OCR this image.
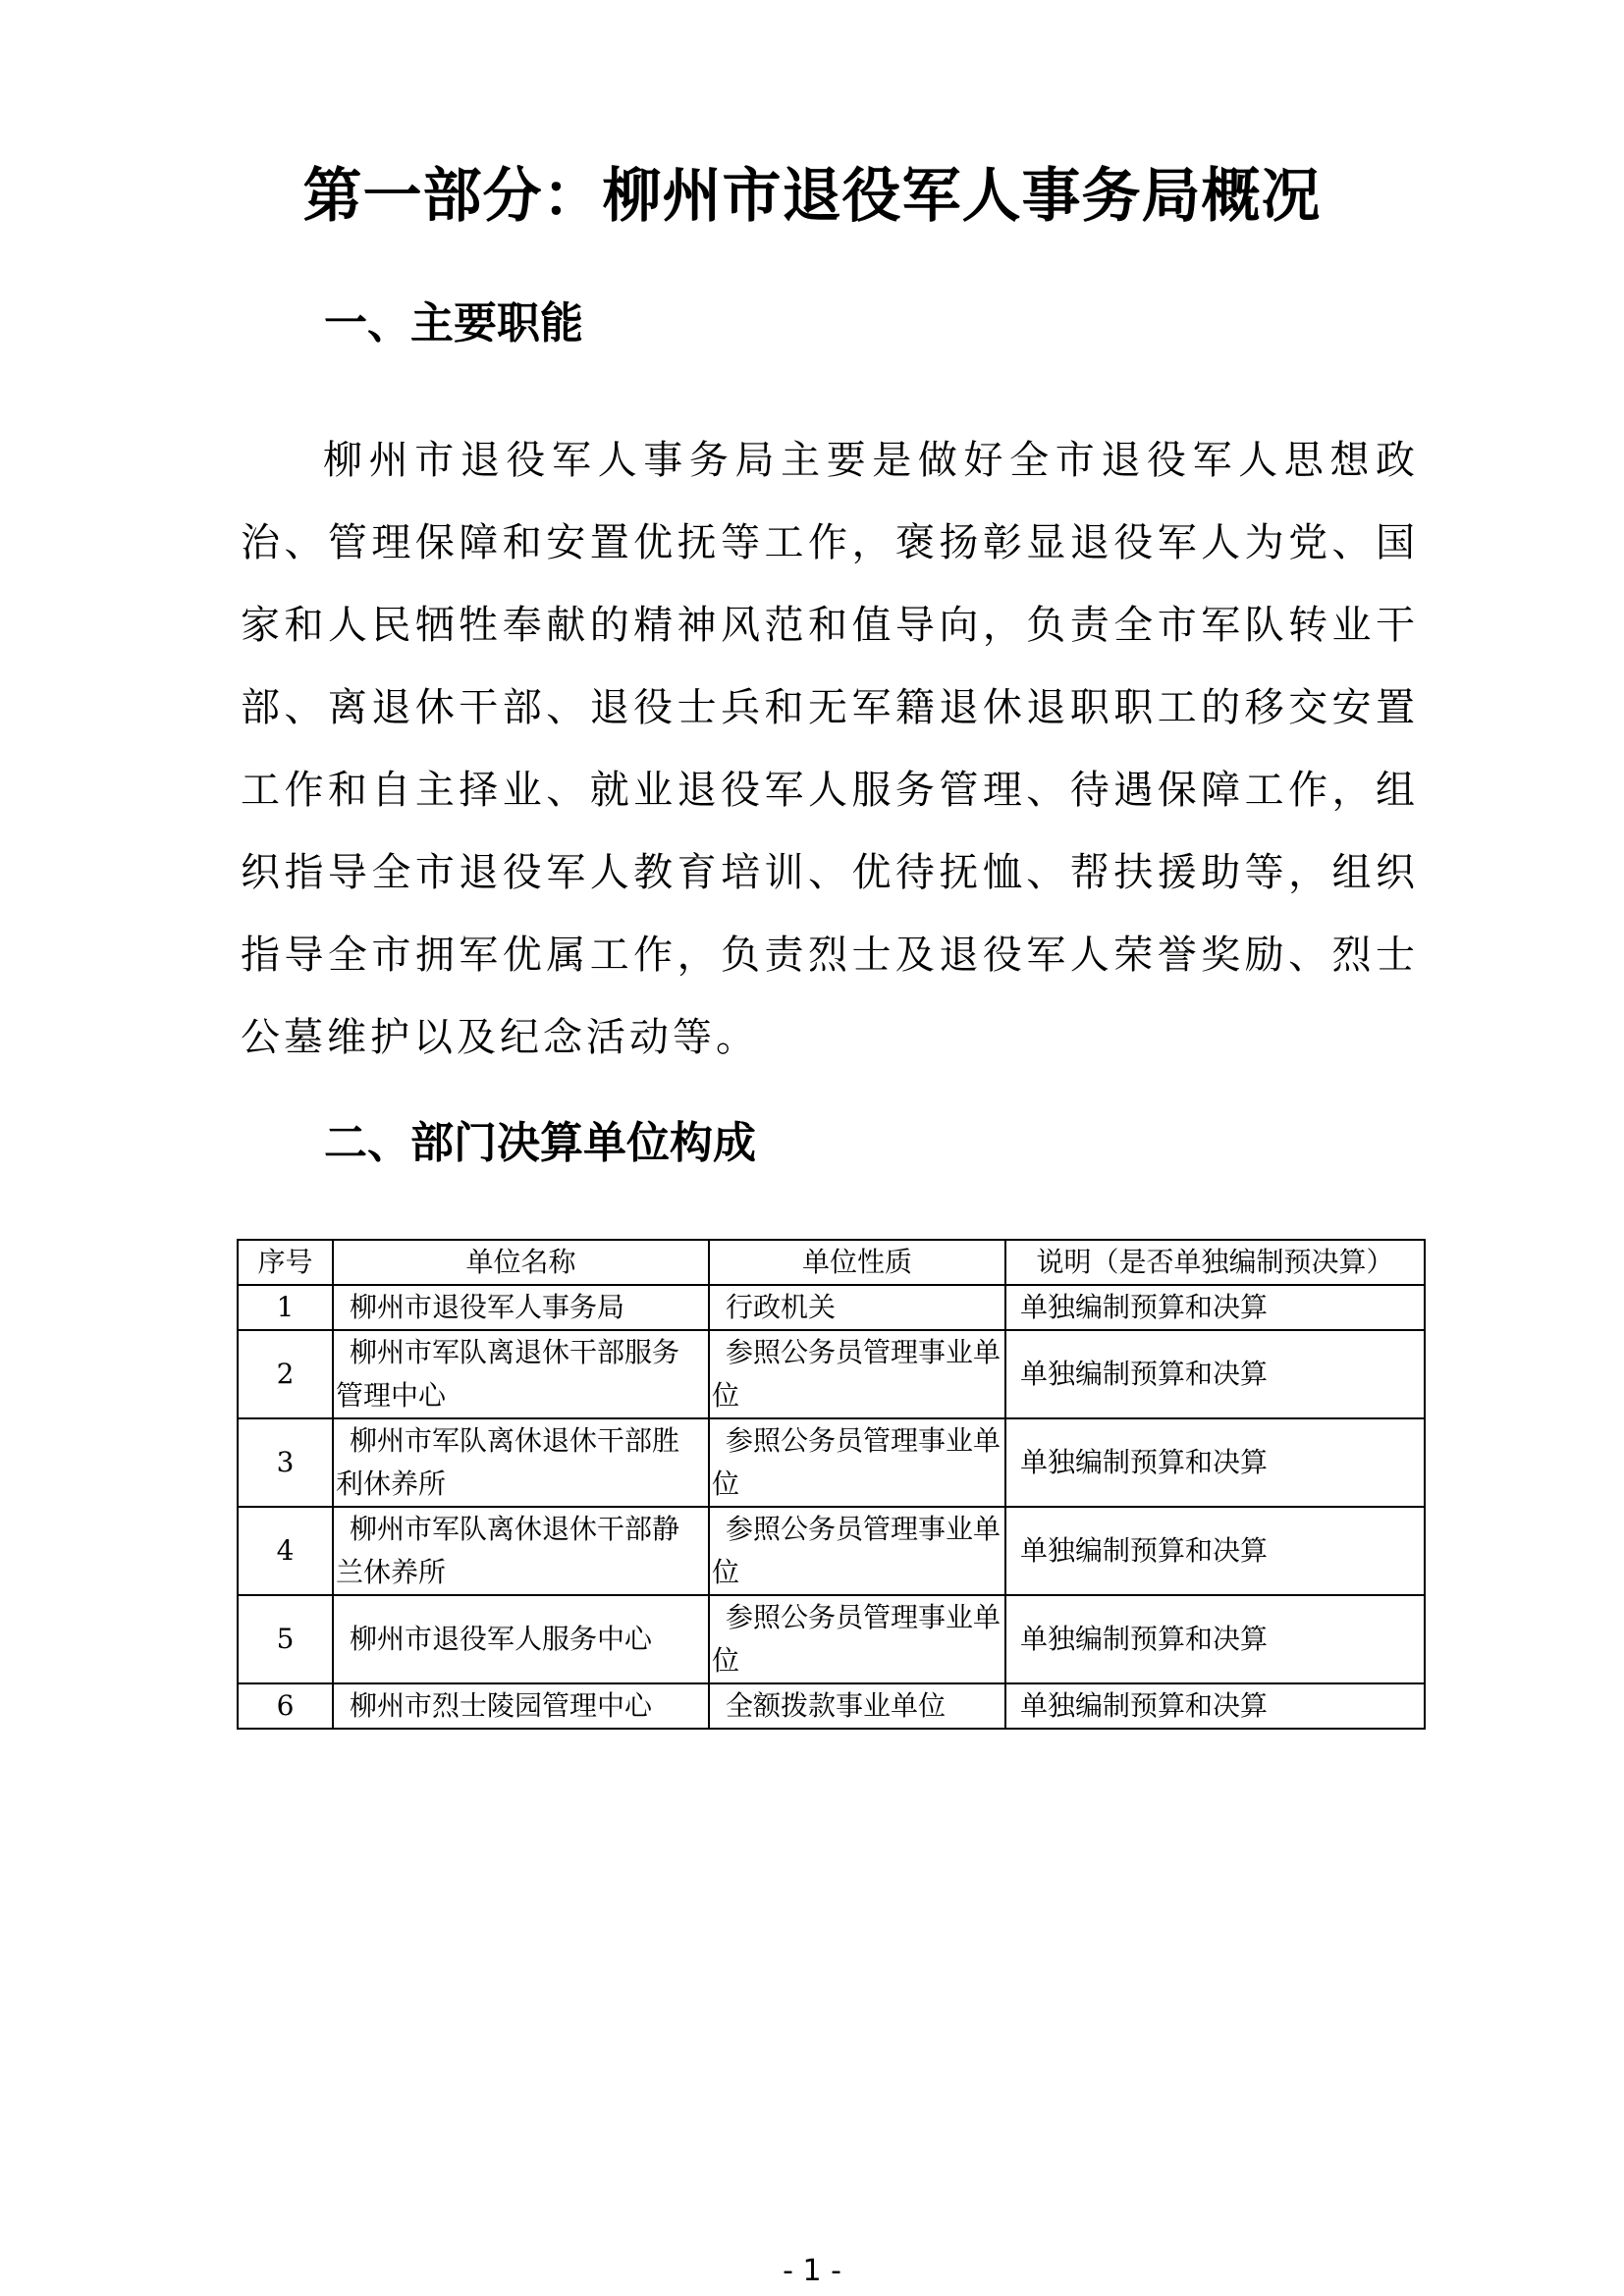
第一部分：柳州市退役军人事务局概况
一、主要职能

柳州市退役军人事务局主要是做好全市退役军人思想政治、管理保障和安置优抚等工作，褒扬彰显退役军人为党、国家和人民牺牲奉献的精神风范和值导向，负责全市军队转业干部、离退休干部、退役士兵和无军籍退休退职职工的移交安置工作和自主择业、就业退役军人服务管理、待遇保障工作，组织指导全市退役军人教育培训、优待抚恤、帮扶援助等，组织指导全市拥军优属工作，负责烈士及退役军人荣誉奖励、烈士公墓维护以及纪念活动等。

二、部门决算单位构成
序号	单位名称	单位性质	说明（是否单独编制预决算）
1	柳州市退役军人事务局	行政机关	单独编制预算和决算
2	柳州市军队离退休干部服务管理中心	参照公务员管理事业单位	单独编制预算和决算
3	柳州市军队离休退休干部胜利休养所	参照公务员管理事业单位	单独编制预算和决算
4	柳州市军队离休退休干部静兰休养所	参照公务员管理事业单位	单独编制预算和决算
5	柳州市退役军人服务中心	参照公务员管理事业单位	单独编制预算和决算
6	柳州市烈士陵园管理中心	全额拨款事业单位	单独编制预算和决算
- 1 -
